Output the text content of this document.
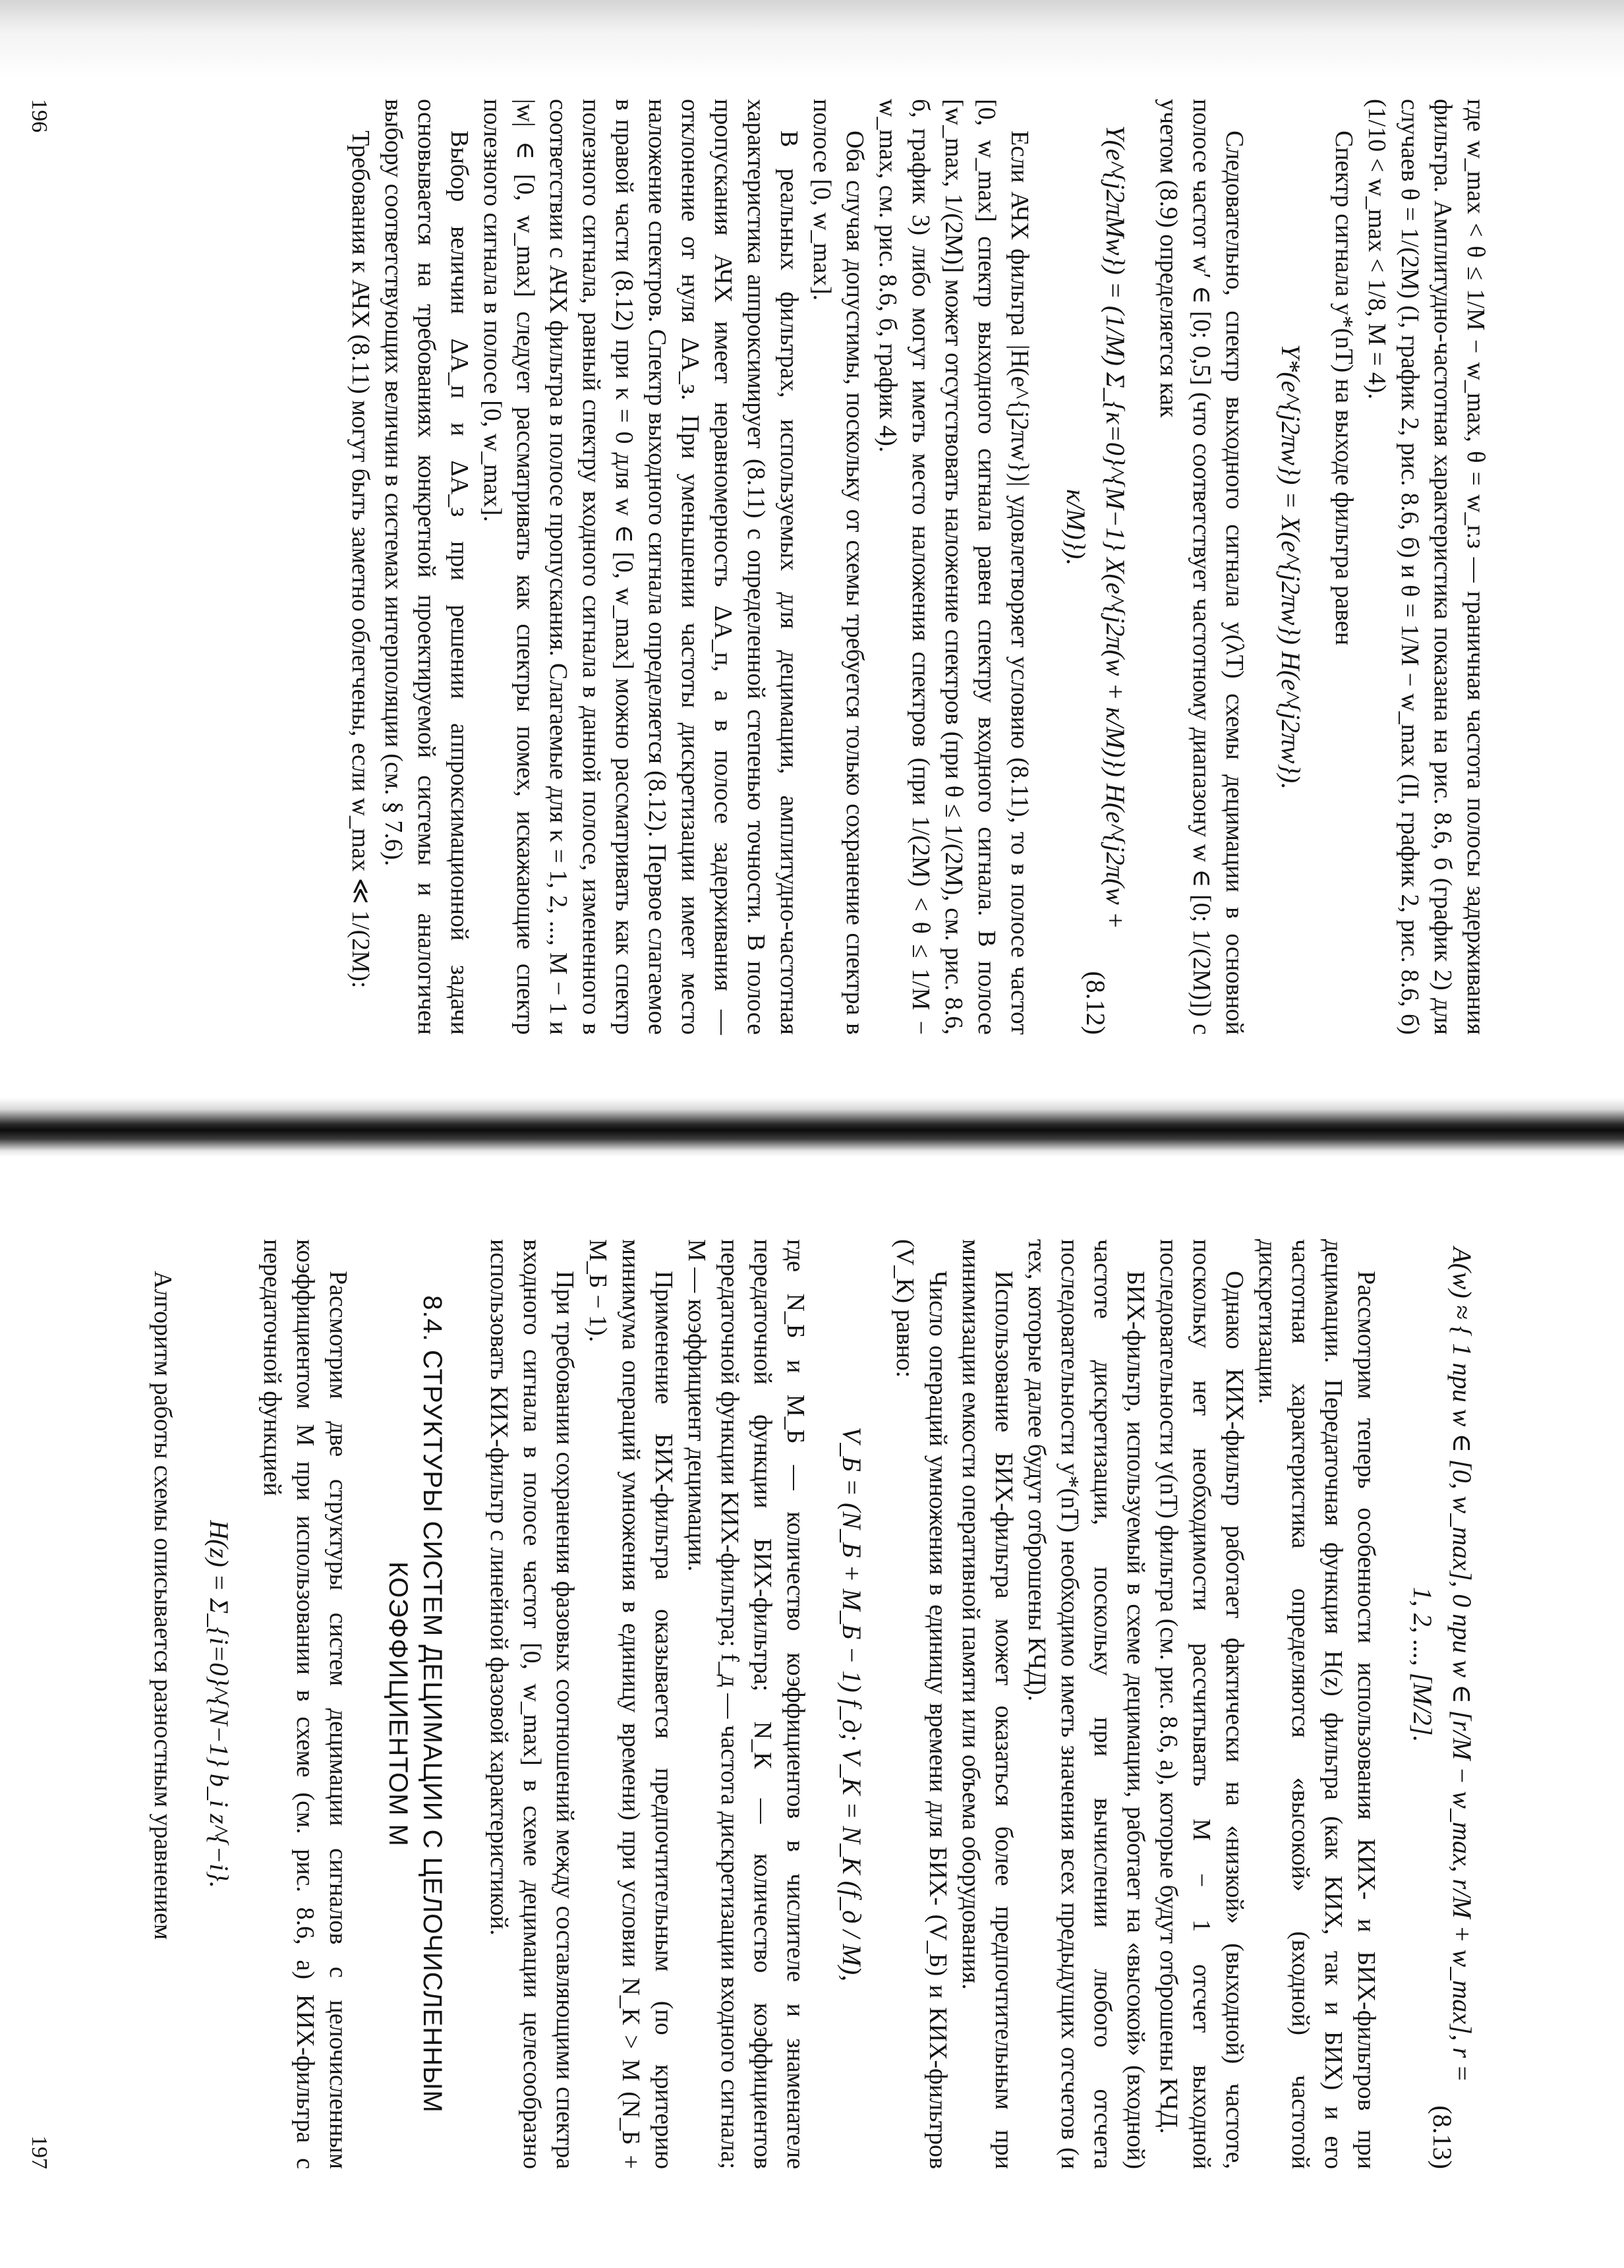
где w_max < θ ≤ 1/M − w_max, θ = w_г.з — граничная частота полосы задерживания фильтра. Амплитудно-частотная характеристика показана на рис. 8.6, б (график 2) для случаев θ = 1/(2M) (I, график 2, рис. 8.6, б) и θ = 1/M − w_max (II, график 2, рис. 8.6, б) (1/10 < w_max < 1/8, M = 4).

Спектр сигнала y*(nT) на выходе фильтра равен

Y*(e^{j2πw}) = X(e^{j2πw}) H(e^{j2πw}).

Следовательно, спектр выходного сигнала y(λT) схемы децимации в основной полосе частот w′ ∈ [0; 0,5] (что соответствует частотному диапазону w ∈ [0; 1/(2M)]) с учетом (8.9) определяется как

Y(e^{j2πMw}) = (1/M) Σ_{κ=0}^{M−1} X(e^{j2π(w + κ/M)}) H(e^{j2π(w + κ/M)}).
(8.12)

Если АЧХ фильтра |H(e^{j2πw})| удовлетворяет условию (8.11), то в полосе частот [0, w_max] спектр выходного сигнала равен спектру входного сигнала. В полосе [w_max, 1/(2M)] может отсутствовать наложение спектров (при θ ≤ 1/(2M), см. рис. 8.6, б, график 3) либо могут иметь место наложения спектров (при 1/(2M) < θ ≤ 1/M − w_max, см. рис. 8.6, б, график 4).

Оба случая допустимы, поскольку от схемы требуется только сохранение спектра в полосе [0, w_max].

В реальных фильтрах, используемых для децимации, амплитудно-частотная характеристика аппроксимирует (8.11) с определенной степенью точности. В полосе пропускания АЧХ имеет неравномерность ΔA_п, а в полосе задерживания — отклонение от нуля ΔA_з. При уменьшении частоты дискретизации имеет место наложение спектров. Спектр выходного сигнала определяется (8.12). Первое слагаемое в правой части (8.12) при κ = 0 для w ∈ [0, w_max] можно рассматривать как спектр полезного сигнала, равный спектру входного сигнала в данной полосе, измененного в соответствии с АЧХ фильтра в полосе пропускания. Слагаемые для κ = 1, 2, ..., M − 1 и |w| ∈ [0, w_max] следует рассматривать как спектры помех, искажающие спектр полезного сигнала в полосе [0, w_max].

Выбор величин ΔA_п и ΔA_з при решении аппроксимационной задачи основывается на требованиях конкретной проектируемой системы и аналогичен выбору соответствующих величин в системах интерполяции (см. § 7.6).

Требования к АЧХ (8.11) могут быть заметно облегчены, если w_max ≪ 1/(2M):

196
A(w) ≈ { 1 при w ∈ [0, w_max], 0 при w ∈ [r/M − w_max, r/M + w_max], r = 1, 2, ..., [M/2].
(8.13)

Рассмотрим теперь особенности использования КИХ- и БИХ-фильтров при децимации. Передаточная функция H(z) фильтра (как КИХ, так и БИХ) и его частотная характеристика определяются «высокой» (входной) частотой дискретизации.

Однако КИХ-фильтр работает фактически на «низкой» (выходной) частоте, поскольку нет необходимости рассчитывать M − 1 отсчет выходной последовательности y(nT) фильтра (см. рис. 8.6, а), которые будут отброшены КЧД.

БИХ-фильтр, используемый в схеме децимации, работает на «высокой» (входной) частоте дискретизации, поскольку при вычислении любого отсчета последовательности y*(nT) необходимо иметь значения всех предыдущих отсчетов (и тех, которые далее будут отброшены КЧД).

Использование БИХ-фильтра может оказаться более предпочтительным при минимизации емкости оперативной памяти или объема оборудования.

Число операций умножения в единицу времени для БИХ- (V_Б) и КИХ-фильтров (V_К) равно:

V_Б = (N_Б + M_Б − 1) f_д; V_К = N_К (f_д / M),

где N_Б и M_Б — количество коэффициентов в числителе и знаменателе передаточной функции БИХ-фильтра; N_К — количество коэффициентов передаточной функции КИХ-фильтра; f_д — частота дискретизации входного сигнала; M — коэффициент децимации.

Применение БИХ-фильтра оказывается предпочтительным (по критерию минимума операций умножения в единицу времени) при условии N_К > M (N_Б + M_Б − 1).

При требовании сохранения фазовых соотношений между составляющими спектра входного сигнала в полосе частот [0, w_max] в схеме децимации целесообразно использовать КИХ-фильтр с линейной фазовой характеристикой.

8.4. СТРУКТУРЫ СИСТЕМ ДЕЦИМАЦИИ С ЦЕЛОЧИСЛЕННЫМ КОЭФФИЦИЕНТОМ M

Рассмотрим две структуры систем децимации сигналов с целочисленным коэффициентом M при использовании в схеме (см. рис. 8.6, а) КИХ-фильтра с передаточной функцией

H(z) = Σ_{i=0}^{N−1} b_i z^{−i}.

Алгоритм работы схемы описывается разностным уравнением

197
